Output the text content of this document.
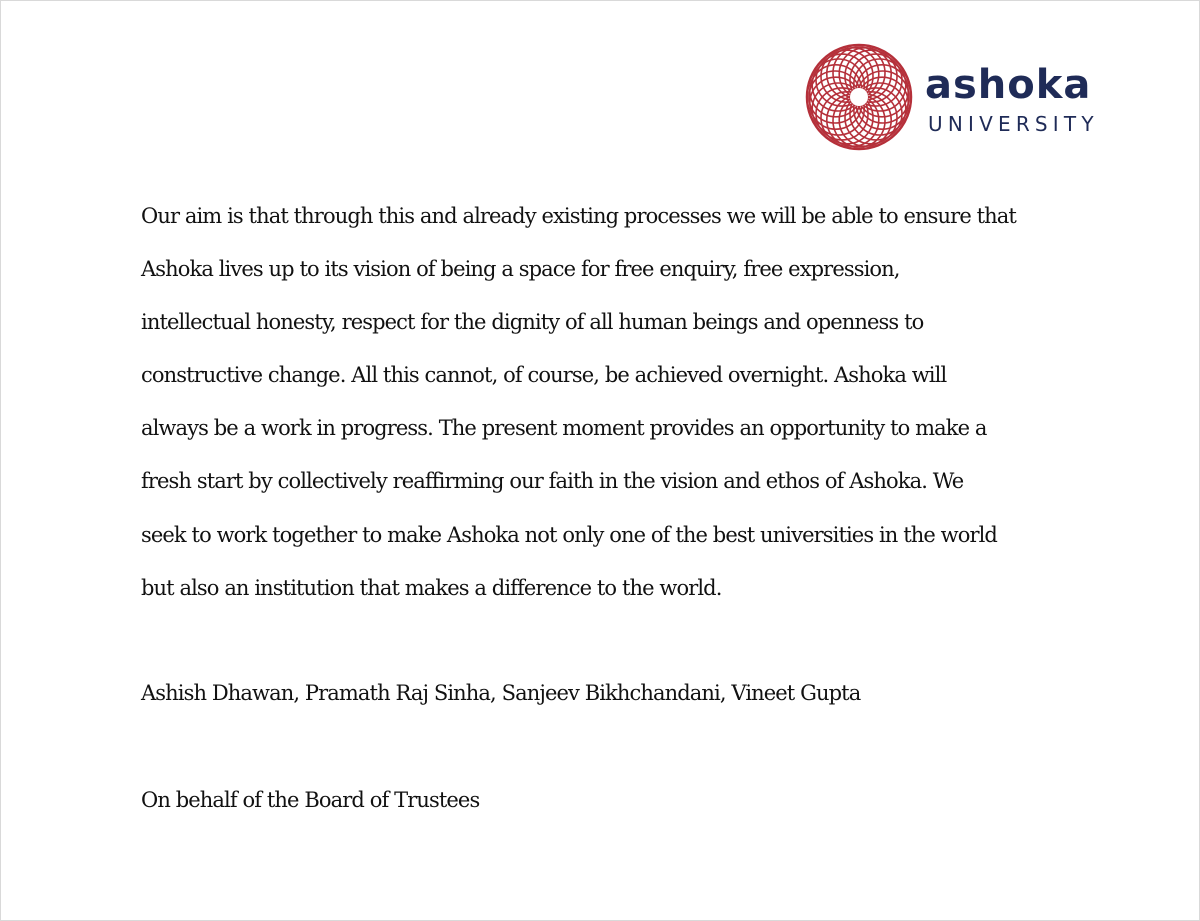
ashoka
UNIVERSITY

Our aim is that through this and already existing processes we will be able to ensure that
Ashoka lives up to its vision of being a space for free enquiry, free expression,
intellectual honesty, respect for the dignity of all human beings and openness to
constructive change. All this cannot, of course, be achieved overnight. Ashoka will
always be a work in progress. The present moment provides an opportunity to make a
fresh start by collectively reaffirming our faith in the vision and ethos of Ashoka. We
seek to work together to make Ashoka not only one of the best universities in the world
but also an institution that makes a difference to the world.

Ashish Dhawan, Pramath Raj Sinha, Sanjeev Bikhchandani, Vineet Gupta

On behalf of the Board of Trustees
